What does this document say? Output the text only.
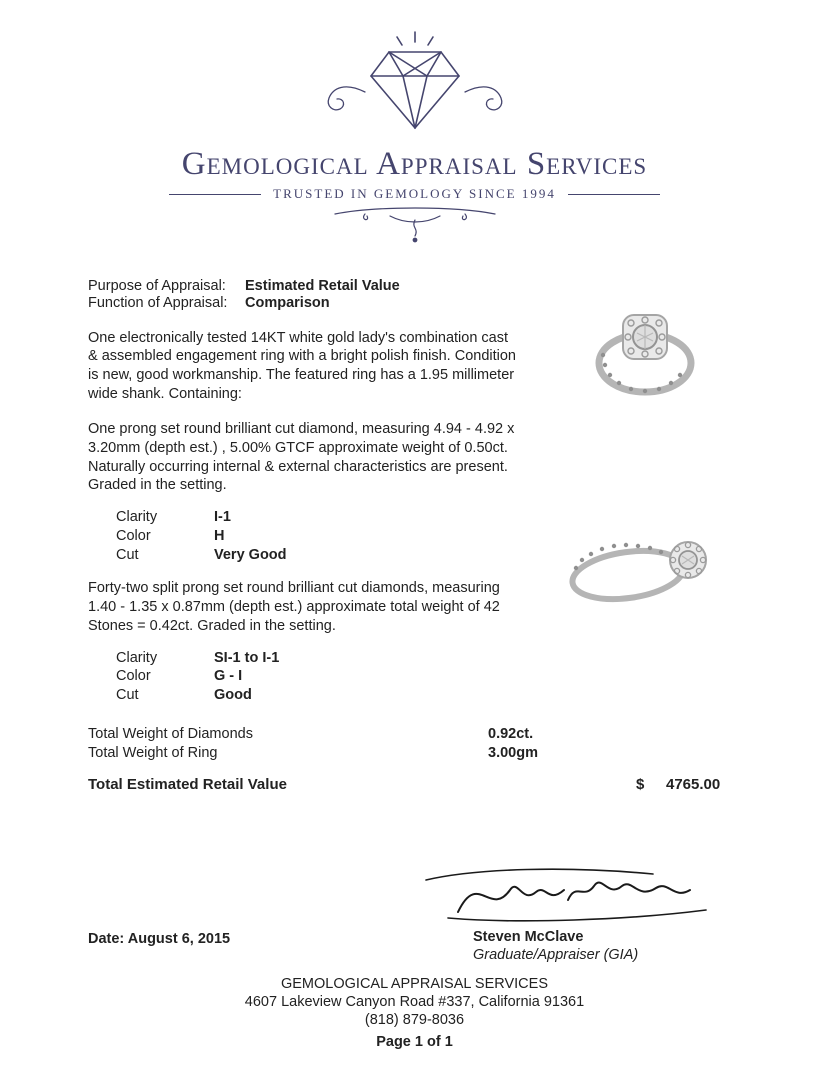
Gemological Appraisal Services
TRUSTED IN GEMOLOGY SINCE 1994
Purpose of Appraisal:	Estimated Retail Value
Function of Appraisal:	Comparison
One electronically tested 14KT white gold lady's combination cast & assembled engagement ring with a bright polish finish. Condition is new, good workmanship. The featured ring has a 1.95 millimeter wide shank. Containing:
One prong set round brilliant cut diamond, measuring 4.94 - 4.92 x 3.20mm (depth est.) , 5.00% GTCF approximate weight of 0.50ct. Naturally occurring internal & external characteristics are present. Graded in the setting.
Clarity	I-1
Color	H
Cut	Very Good
Forty-two split prong set round brilliant cut diamonds, measuring 1.40 - 1.35 x 0.87mm (depth est.) approximate total weight of 42 Stones = 0.42ct. Graded in the setting.
Clarity	SI-1 to I-1
Color	G - I
Cut	Good
Total Weight of Diamonds	0.92ct.
Total Weight of Ring	3.00gm
Total Estimated Retail Value	$ 4765.00
Date: August 6, 2015	Steven McClave
Graduate/Appraiser (GIA)
GEMOLOGICAL APPRAISAL SERVICES
4607 Lakeview Canyon Road #337, California 91361
(818) 879-8036
Page 1 of 1
